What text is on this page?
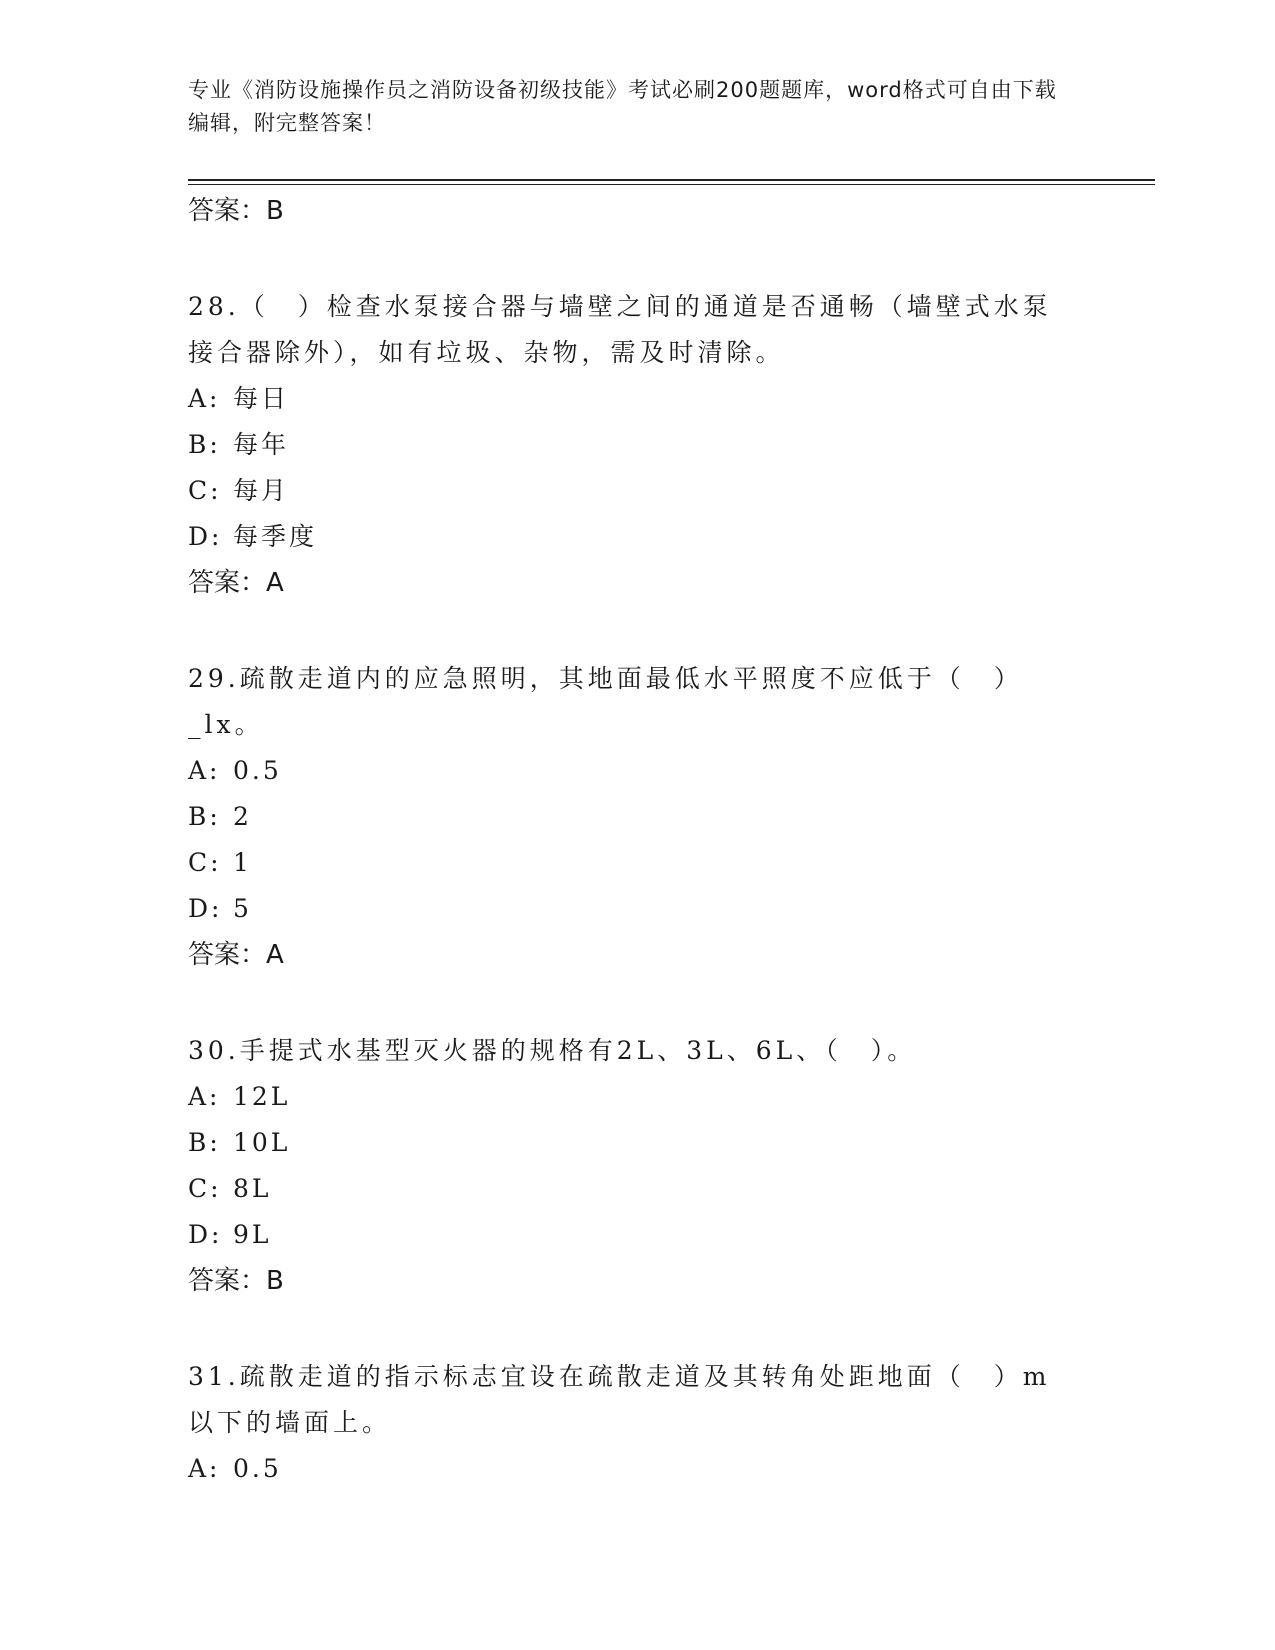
专业《消防设施操作员之消防设备初级技能》考试必刷200题题库，word格式可自由下载编辑，附完整答案！
答案：B
28.（　）检查水泵接合器与墙壁之间的通道是否通畅（墙壁式水泵接合器除外），如有垃圾、杂物，需及时清除。
A: 每日
B: 每年
C: 每月
D: 每季度
答案：A
29.疏散走道内的应急照明，其地面最低水平照度不应低于（　）_lx。
A: 0.5
B: 2
C: 1
D: 5
答案：A
30.手提式水基型灭火器的规格有2L、3L、6L、（　）。
A: 12L
B: 10L
C: 8L
D: 9L
答案：B
31.疏散走道的指示标志宜设在疏散走道及其转角处距地面（　）m以下的墙面上。
A: 0.5
